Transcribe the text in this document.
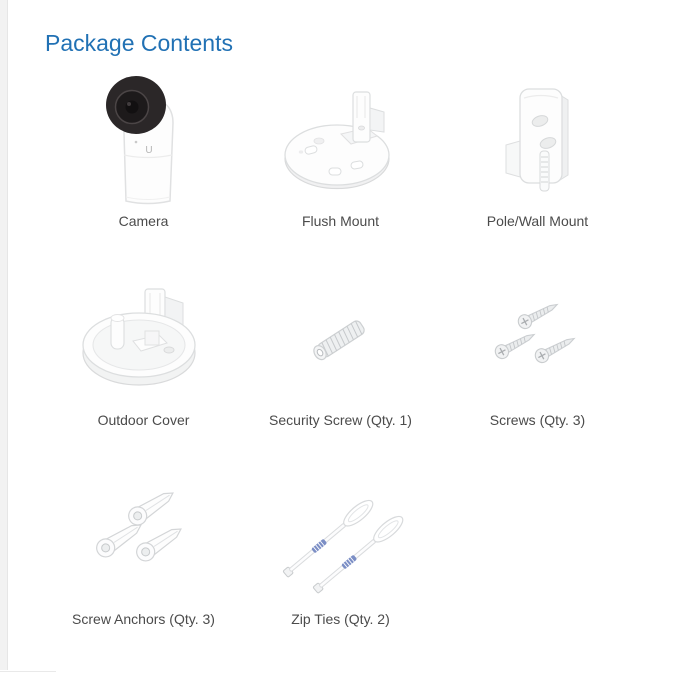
Package Contents
U
Camera	Flush Mount	Pole/Wall Mount
Outdoor Cover	Security Screw (Qty. 1)	Screws (Qty. 3)
Screw Anchors (Qty. 3)	Zip Ties (Qty. 2)
